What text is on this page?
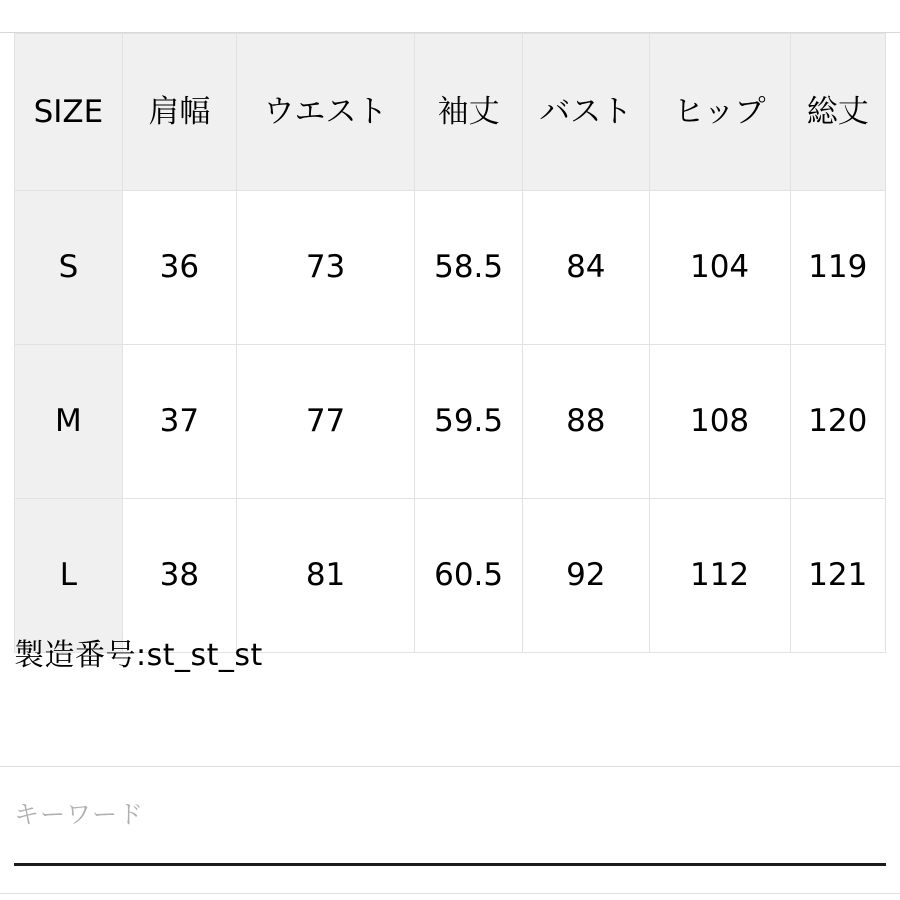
SIZE	肩幅	ウエスト	袖丈	バスト	ヒップ	総丈
S	36	73	58.5	84	104	119
M	37	77	59.5	88	108	120
L	38	81	60.5	92	112	121
製造番号:st_st_st
キーワード
